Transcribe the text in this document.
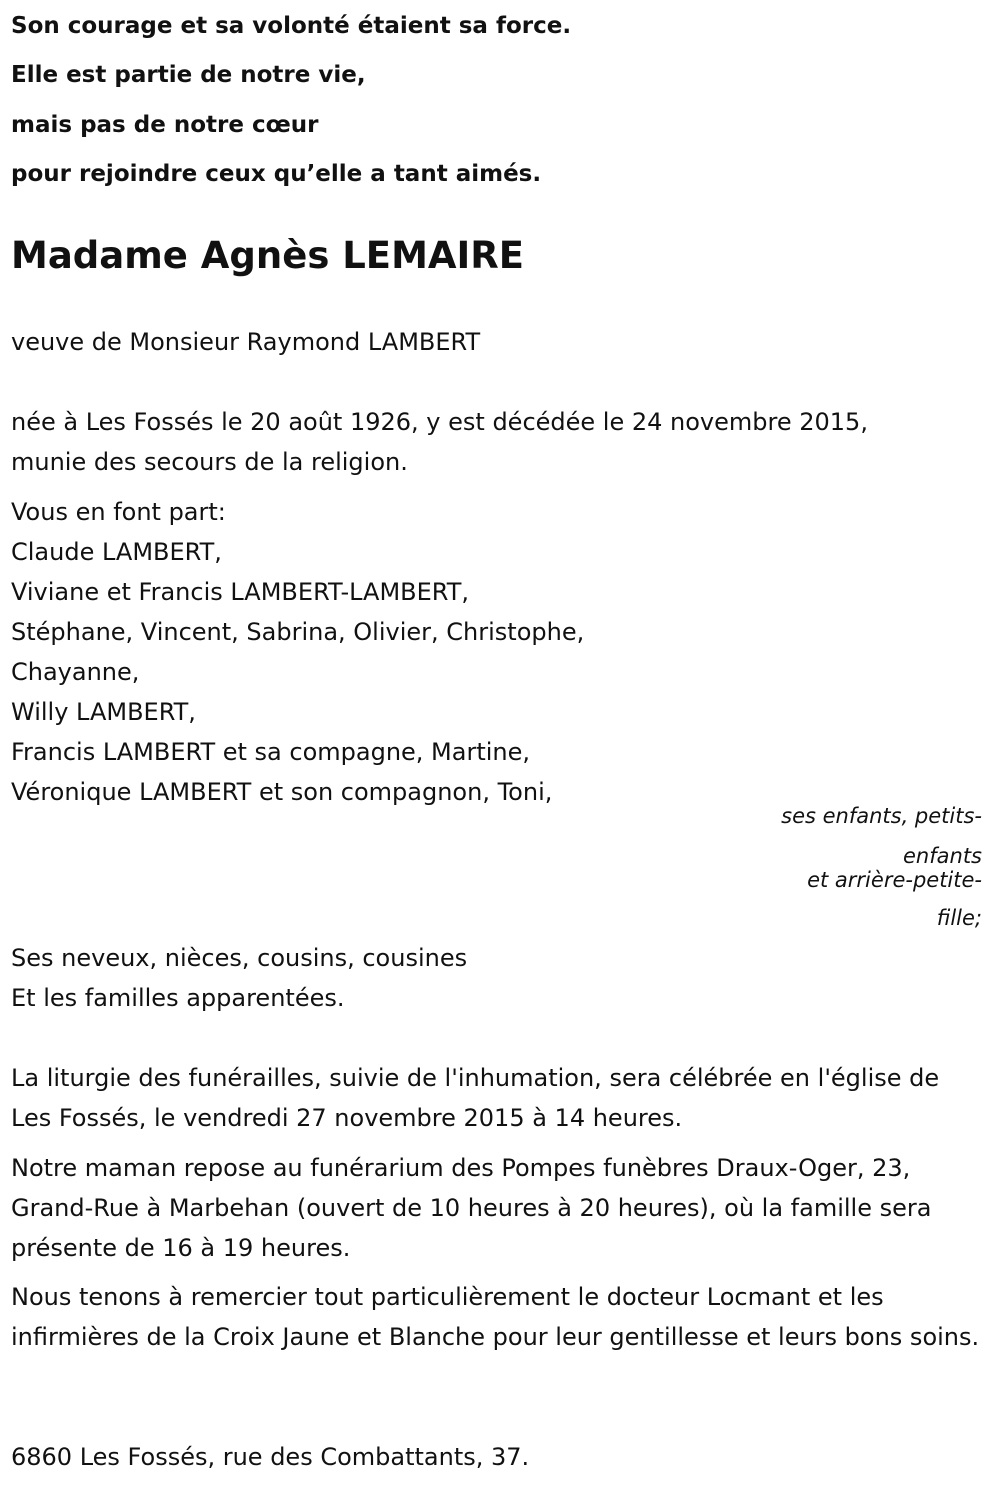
Son courage et sa volonté étaient sa force.
Elle est partie de notre vie,
mais pas de notre cœur
pour rejoindre ceux qu’elle a tant aimés.
Madame Agnès LEMAIRE
veuve de Monsieur Raymond LAMBERT
née à Les Fossés le 20 août 1926, y est décédée le 24 novembre 2015,
munie des secours de la religion.
Vous en font part:
Claude LAMBERT,
Viviane et Francis LAMBERT-LAMBERT,
Stéphane, Vincent, Sabrina, Olivier, Christophe,
Chayanne,
Willy LAMBERT,
Francis LAMBERT et sa compagne, Martine,
Véronique LAMBERT et son compagnon, Toni,
ses enfants, petits-
enfants
et arrière-petite-
fille;
Ses neveux, nièces, cousins, cousines
Et les familles apparentées.
La liturgie des funérailles, suivie de l'inhumation, sera célébrée en l'église de Les Fossés, le vendredi 27 novembre 2015 à 14 heures.
Notre maman repose au funérarium des Pompes funèbres Draux-Oger, 23, Grand-Rue à Marbehan (ouvert de 10 heures à 20 heures), où la famille sera présente de 16 à 19 heures.
Nous tenons à remercier tout particulièrement le docteur Locmant et les infirmières de la Croix Jaune et Blanche pour leur gentillesse et leurs bons soins.
6860 Les Fossés, rue des Combattants, 37.
